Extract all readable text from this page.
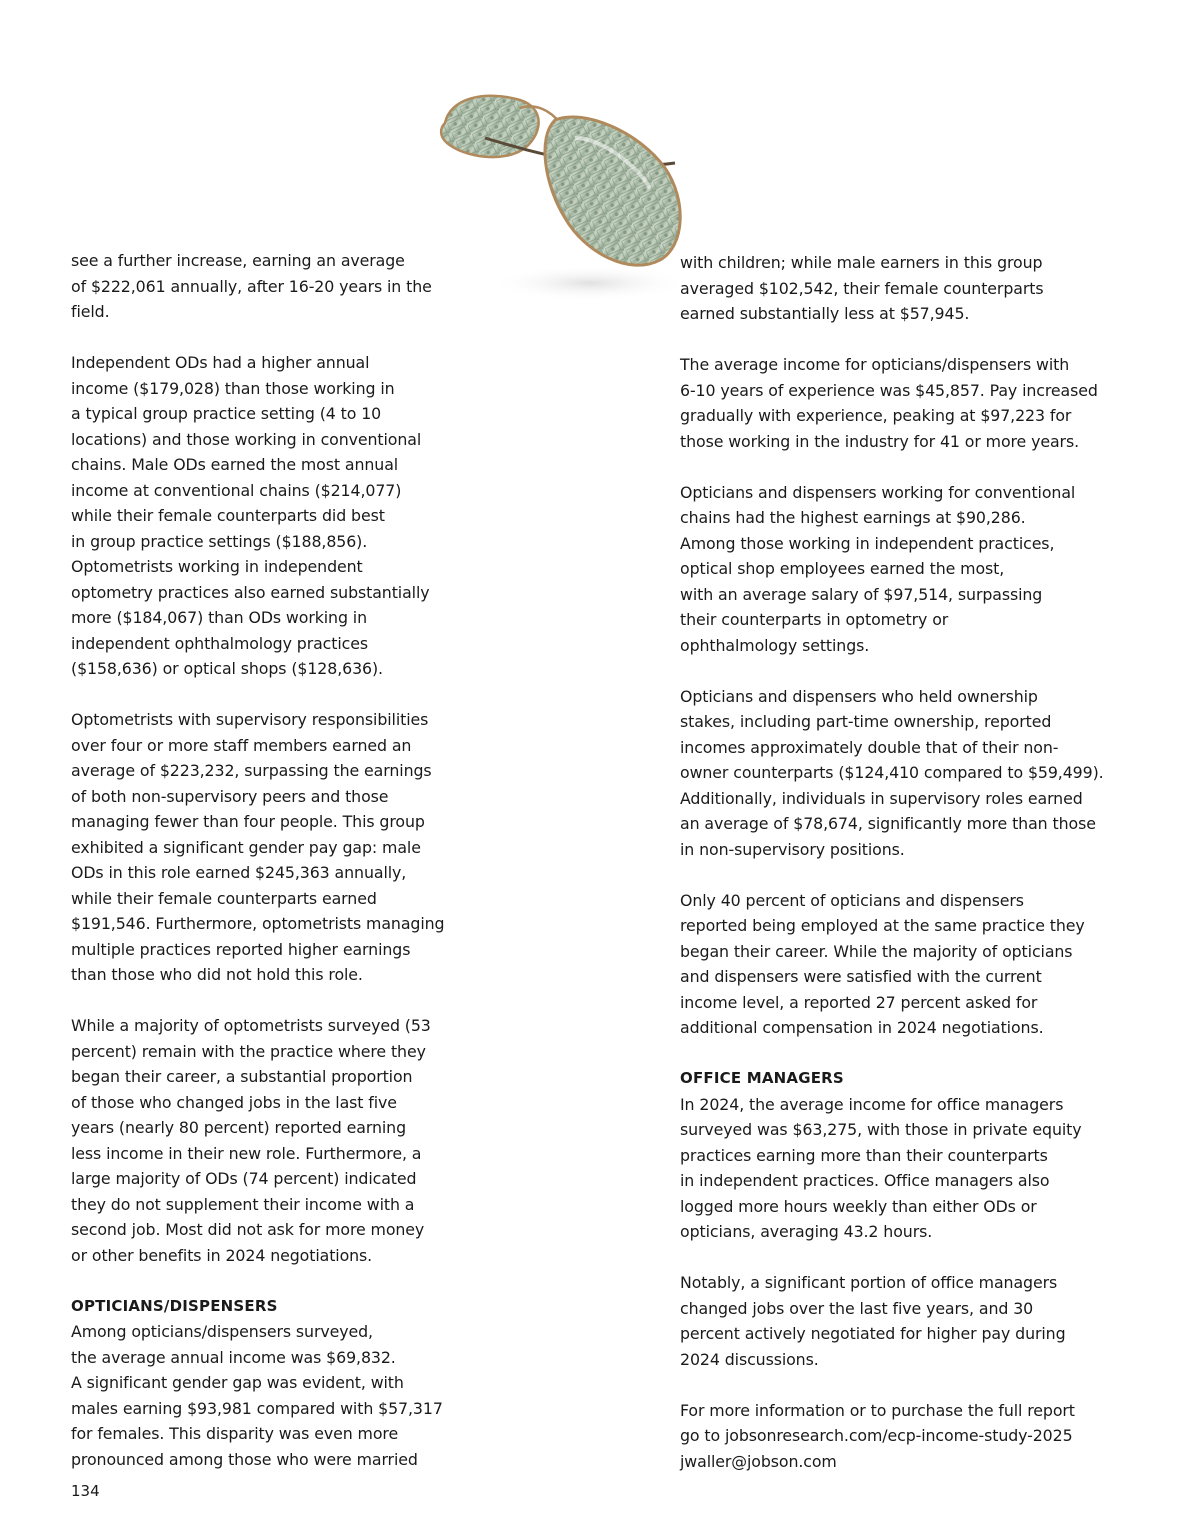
see a further increase, earning an average
of $222,061 annually, after 16-20 years in the
field.

Independent ODs had a higher annual
income ($179,028) than those working in
a typical group practice setting (4 to 10
locations) and those working in conventional
chains. Male ODs earned the most annual
income at conventional chains ($214,077)
while their female counterparts did best
in group practice settings ($188,856).
Optometrists working in independent
optometry practices also earned substantially
more ($184,067) than ODs working in
independent ophthalmology practices
($158,636) or optical shops ($128,636).

Optometrists with supervisory responsibilities
over four or more staff members earned an
average of $223,232, surpassing the earnings
of both non-supervisory peers and those
managing fewer than four people. This group
exhibited a significant gender pay gap: male
ODs in this role earned $245,363 annually,
while their female counterparts earned
$191,546. Furthermore, optometrists managing
multiple practices reported higher earnings
than those who did not hold this role.

While a majority of optometrists surveyed (53
percent) remain with the practice where they
began their career, a substantial proportion
of those who changed jobs in the last five
years (nearly 80 percent) reported earning
less income in their new role. Furthermore, a
large majority of ODs (74 percent) indicated
they do not supplement their income with a
second job. Most did not ask for more money
or other benefits in 2024 negotiations.

OPTICIANS/DISPENSERS

Among opticians/dispensers surveyed,
the average annual income was $69,832.
A significant gender gap was evident, with
males earning $93,981 compared with $57,317
for females. This disparity was even more
pronounced among those who were married

with children; while male earners in this group
averaged $102,542, their female counterparts
earned substantially less at $57,945.

The average income for opticians/dispensers with
6-10 years of experience was $45,857. Pay increased
gradually with experience, peaking at $97,223 for
those working in the industry for 41 or more years.

Opticians and dispensers working for conventional
chains had the highest earnings at $90,286.
Among those working in independent practices,
optical shop employees earned the most,
with an average salary of $97,514, surpassing
their counterparts in optometry or
ophthalmology settings.

Opticians and dispensers who held ownership
stakes, including part-time ownership, reported
incomes approximately double that of their non-
owner counterparts ($124,410 compared to $59,499).
Additionally, individuals in supervisory roles earned
an average of $78,674, significantly more than those
in non-supervisory positions.

Only 40 percent of opticians and dispensers
reported being employed at the same practice they
began their career. While the majority of opticians
and dispensers were satisfied with the current
income level, a reported 27 percent asked for
additional compensation in 2024 negotiations.

OFFICE MANAGERS

In 2024, the average income for office managers
surveyed was $63,275, with those in private equity
practices earning more than their counterparts
in independent practices. Office managers also
logged more hours weekly than either ODs or
opticians, averaging 43.2 hours.

Notably, a significant portion of office managers
changed jobs over the last five years, and 30
percent actively negotiated for higher pay during
2024 discussions.

For more information or to purchase the full report
go to jobsonresearch.com/ecp-income-study-2025
jwaller@jobson.com

134
